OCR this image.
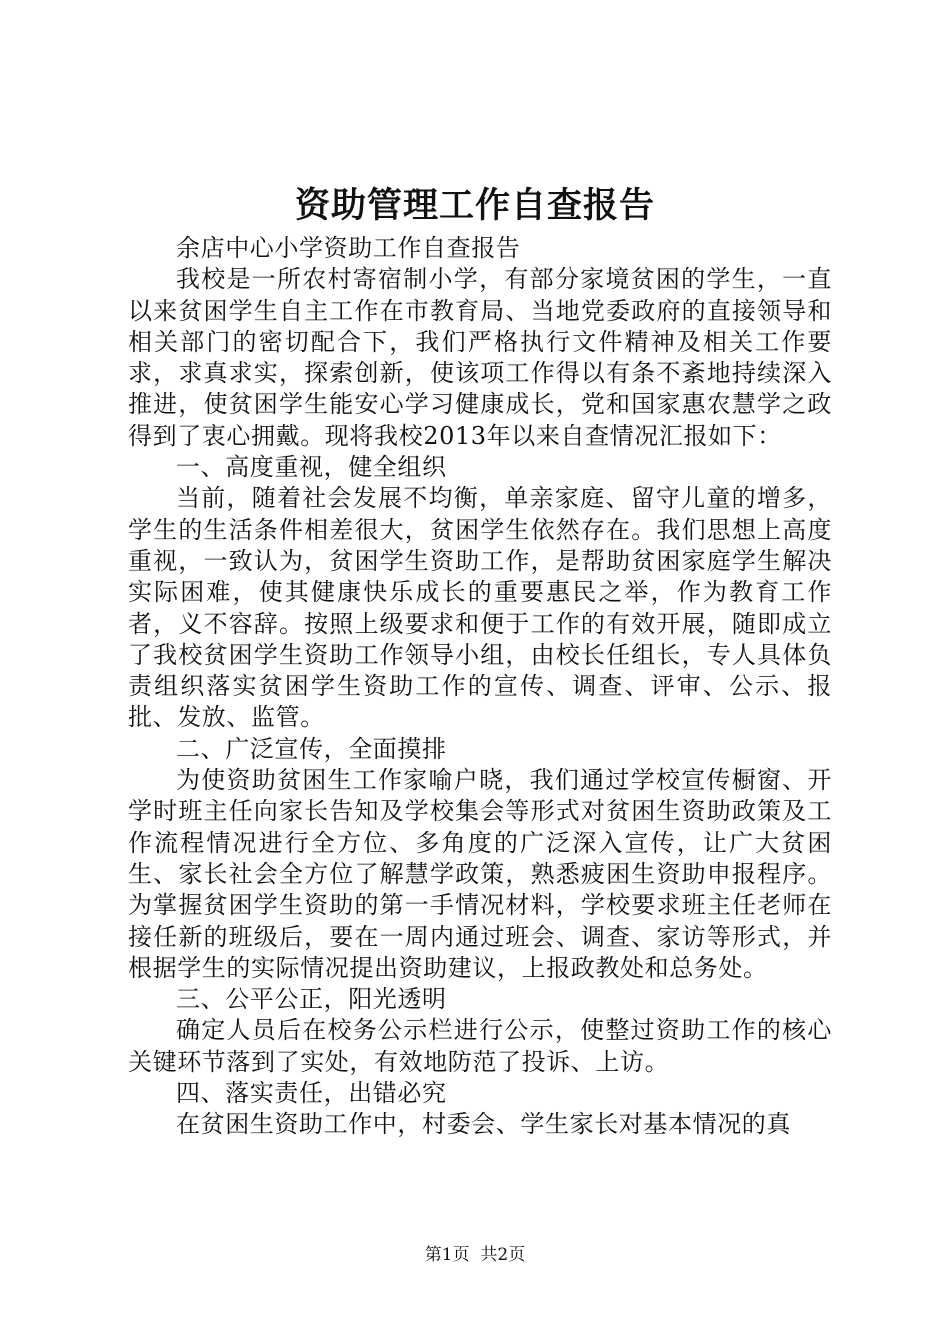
资助管理工作自查报告

余店中心小学资助工作自查报告

我校是一所农村寄宿制小学，有部分家境贫困的学生，一直以来贫困学生自主工作在市教育局、当地党委政府的直接领导和相关部门的密切配合下，我们严格执行文件精神及相关工作要求，求真求实，探索创新，使该项工作得以有条不紊地持续深入推进，使贫困学生能安心学习健康成长，党和国家惠农慧学之政得到了衷心拥戴。现将我校2013年以来自查情况汇报如下：

一、高度重视，健全组织

当前，随着社会发展不均衡，单亲家庭、留守儿童的增多，学生的生活条件相差很大，贫困学生依然存在。我们思想上高度重视，一致认为，贫困学生资助工作，是帮助贫困家庭学生解决实际困难，使其健康快乐成长的重要惠民之举，作为教育工作者，义不容辞。按照上级要求和便于工作的有效开展，随即成立了我校贫困学生资助工作领导小组，由校长任组长，专人具体负责组织落实贫困学生资助工作的宣传、调查、评审、公示、报批、发放、监管。

二、广泛宣传，全面摸排

为使资助贫困生工作家喻户晓，我们通过学校宣传橱窗、开学时班主任向家长告知及学校集会等形式对贫困生资助政策及工作流程情况进行全方位、多角度的广泛深入宣传，让广大贫困生、家长社会全方位了解慧学政策，熟悉疲困生资助申报程序。为掌握贫困学生资助的第一手情况材料，学校要求班主任老师在接任新的班级后，要在一周内通过班会、调查、家访等形式，并根据学生的实际情况提出资助建议，上报政教处和总务处。

三、公平公正，阳光透明

确定人员后在校务公示栏进行公示，使整过资助工作的核心关键环节落到了实处，有效地防范了投诉、上访。

四、落实责任，出错必究

在贫困生资助工作中，村委会、学生家长对基本情况的真

第1页 共2页
